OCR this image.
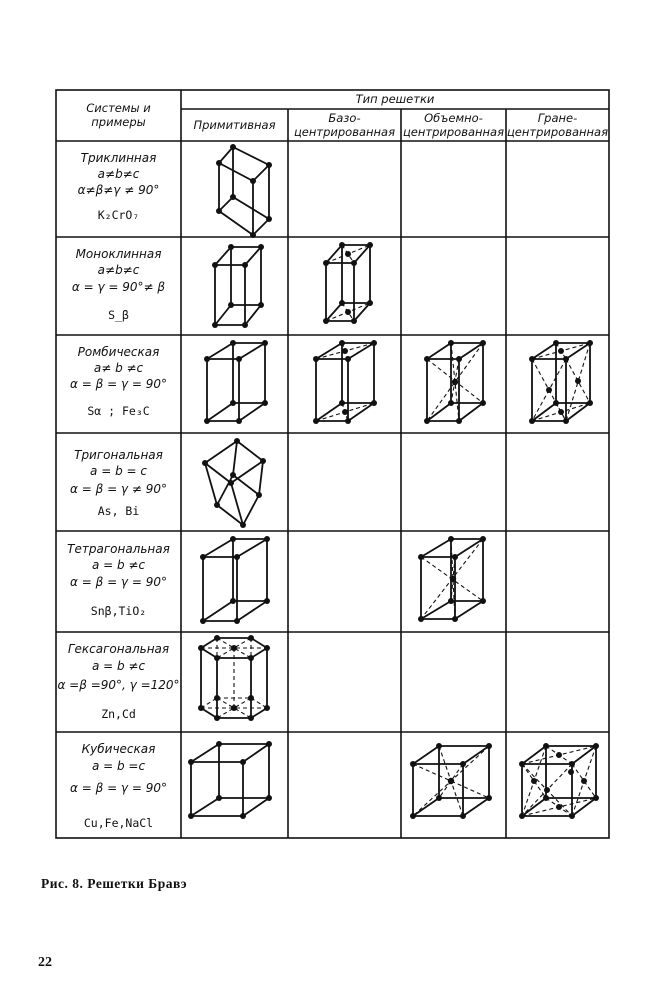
Системы и
примеры
Тип решетки
Примитивная	Базо-
центрированная
Объемно-
центрированная
Гране-
центрированная
Триклинная
a≠b≠c
α≠β≠γ ≠ 90°
K₂CrO₇
Моноклинная
a≠b≠c
α = γ = 90°≠ β
S_β
Ромбическая
a≠ b ≠c
α = β = γ = 90°
Sα ; Fe₃C
Тригональная
a = b = c
α = β = γ ≠ 90°
As, Bi
Тетрагональная
a = b ≠c
α = β = γ = 90°
Snβ,TiO₂
Гексагональная
a = b ≠c
α =β =90°, γ =120°
Zn,Cd
Кубическая
a = b =c
α = β = γ = 90°
Cu,Fe,NaCl
Рис. 8. Решетки Бравэ
22
